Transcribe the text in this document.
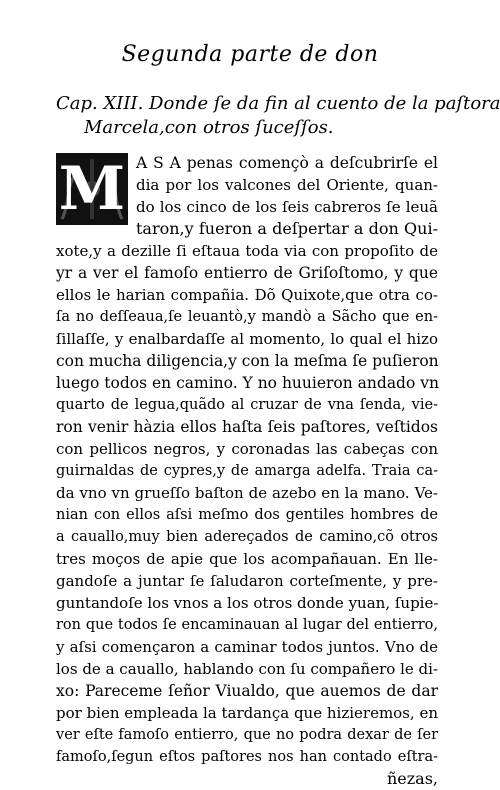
Segunda parte de don
Cap. XIII. Donde ſe da fin al cuento de la paſtora
Marcela,con otros ſuceſſos.
M A S A penas començò a deſcubrirſe el
dia por los valcones del Oriente, quan-
do los cinco de los ſeis cabreros ſe leuã
taron,y fueron a deſpertar a don Qui-
xote,y a dezille ſi eſtaua toda via con propoſito de
yr a ver el famoſo entierro de Griſoſtomo, y que
ellos le harian compañia. Dõ Quixote,que otra co-
ſa no deſſeaua,ſe leuantò,y mandò a Sãcho que en-
ſillaſſe, y enalbardaſſe al momento, lo qual el hizo
con mucha diligencia,y con la meſma ſe puſieron
luego todos en camino. Y no huuieron andado vn
quarto de legua,quãdo al cruzar de vna ſenda, vie-
ron venir hàzia ellos haſta ſeis paſtores, veſtidos
con pellicos negros, y coronadas las cabeças con
guirnaldas de cypres,y de amarga adelfa. Traia ca-
da vno vn grueſſo baſton de azebo en la mano. Ve-
nian con ellos aſsi meſmo dos gentiles hombres de
a cauallo,muy bien adereçados de camino,cõ otros
tres moços de apie que los acompañauan. En lle-
gandoſe a juntar ſe ſaludaron corteſmente, y pre-
guntandoſe los vnos a los otros donde yuan, ſupie-
ron que todos ſe encaminauan al lugar del entierro,
y aſsi començaron a caminar todos juntos. Vno de
los de a cauallo, hablando con ſu compañero le di-
xo: Pareceme ſeñor Viualdo, que auemos de dar
por bien empleada la tardança que hizieremos, en
ver eſte famoſo entierro, que no podra dexar de ſer
famoſo,ſegun eſtos paſtores nos han contado eſtra-
ñezas,
